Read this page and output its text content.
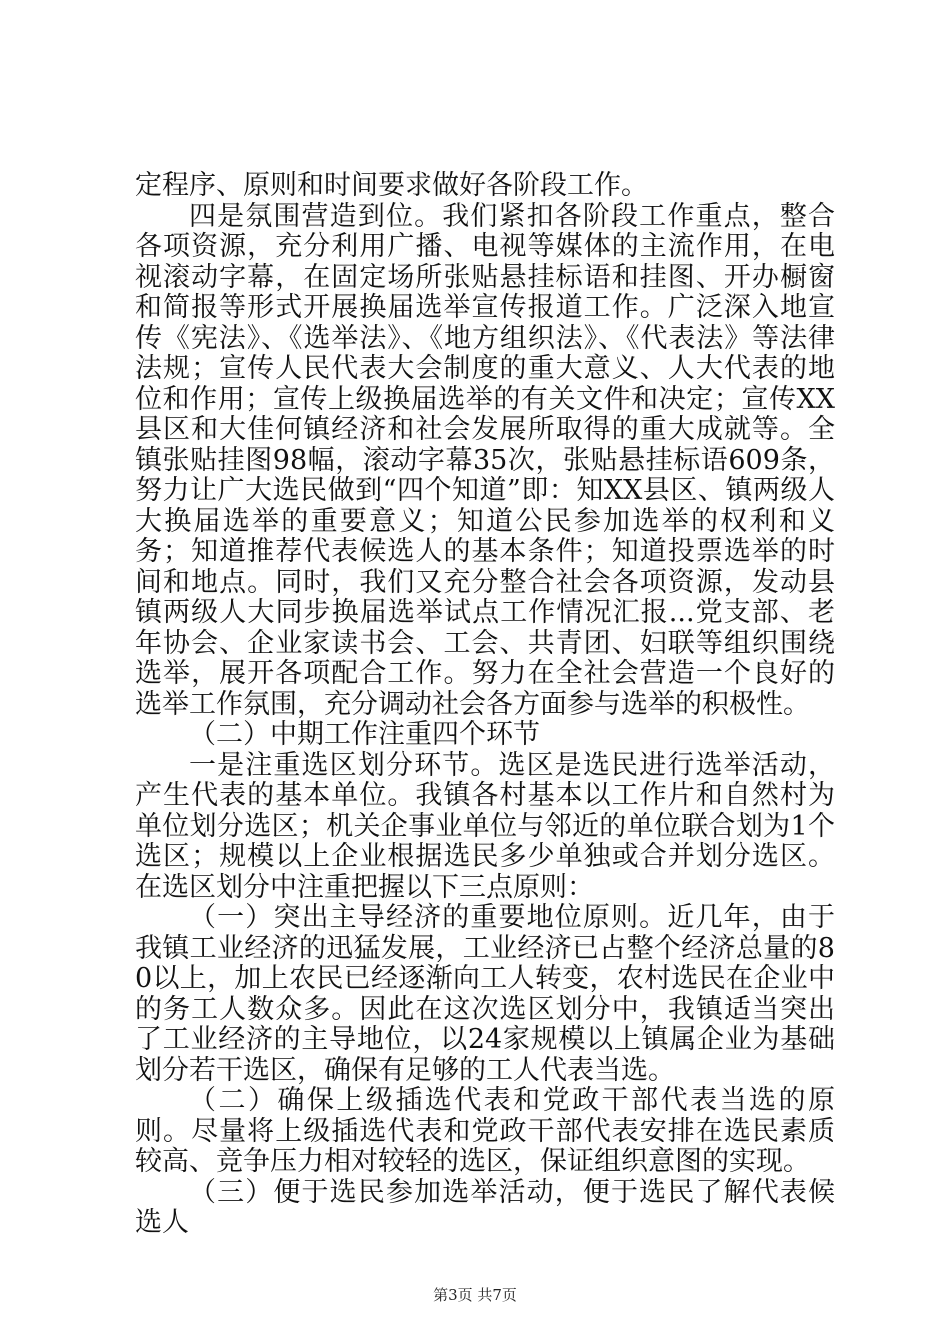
定程序、原则和时间要求做好各阶段工作。

四是氛围营造到位。我们紧扣各阶段工作重点，整合各项资源，充分利用广播、电视等媒体的主流作用，在电视滚动字幕，在固定场所张贴悬挂标语和挂图、开办橱窗和简报等形式开展换届选举宣传报道工作。广泛深入地宣传《宪法》、《选举法》、《地方组织法》、《代表法》等法律法规；宣传人民代表大会制度的重大意义、人大代表的地位和作用；宣传上级换届选举的有关文件和决定；宣传XX县区和大佳何镇经济和社会发展所取得的重大成就等。全镇张贴挂图98幅，滚动字幕35次，张贴悬挂标语609条，努力让广大选民做到“四个知道”即：知XX县区、镇两级人大换届选举的重要意义；知道公民参加选举的权利和义务；知道推荐代表候选人的基本条件；知道投票选举的时间和地点。同时，我们又充分整合社会各项资源，发动县镇两级人大同步换届选举试点工作情况汇报...党支部、老年协会、企业家读书会、工会、共青团、妇联等组织围绕选举，展开各项配合工作。努力在全社会营造一个良好的选举工作氛围，充分调动社会各方面参与选举的积极性。

（二）中期工作注重四个环节

一是注重选区划分环节。选区是选民进行选举活动，产生代表的基本单位。我镇各村基本以工作片和自然村为单位划分选区；机关企事业单位与邻近的单位联合划为1个选区；规模以上企业根据选民多少单独或合并划分选区。在选区划分中注重把握以下三点原则：

（一）突出主导经济的重要地位原则。近几年，由于我镇工业经济的迅猛发展，工业经济已占整个经济总量的80以上，加上农民已经逐渐向工人转变，农村选民在企业中的务工人数众多。因此在这次选区划分中，我镇适当突出了工业经济的主导地位，以24家规模以上镇属企业为基础划分若干选区，确保有足够的工人代表当选。

（二）确保上级插选代表和党政干部代表当选的原则。尽量将上级插选代表和党政干部代表安排在选民素质较高、竞争压力相对较轻的选区，保证组织意图的实现。

（三）便于选民参加选举活动，便于选民了解代表候选人

第3页 共7页
